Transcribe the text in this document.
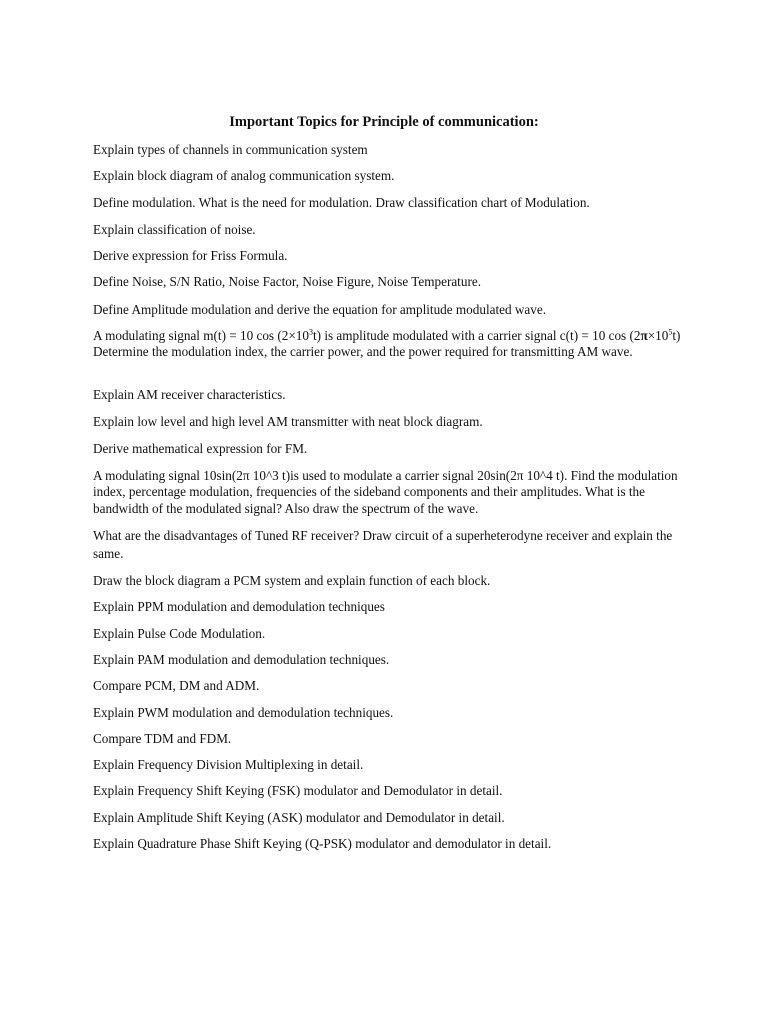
Important Topics for Principle of communication:

Explain types of channels in communication system

Explain block diagram of analog communication system.

Define modulation. What is the need for modulation. Draw classification chart of Modulation.

Explain classification of noise.

Derive expression for Friss Formula.

Define Noise, S/N Ratio, Noise Factor, Noise Figure, Noise Temperature.

Define Amplitude modulation and derive the equation for amplitude modulated wave.

A modulating signal m(t) = 10 $\cos (2\times 10^3t)$ is amplitude modulated with a carrier signal c(t) = 10 $\cos (2\pi\times 10^5t)$ Determine the modulation index, the carrier power, and the power required for transmitting AM wave.

Explain AM receiver characteristics.

Explain low level and high level AM transmitter with neat block diagram.

Derive mathematical expression for FM.

A modulating signal 10sin(2π 10^3 t)is used to modulate a carrier signal 20sin(2π 10^4 t). Find the modulation index, percentage modulation, frequencies of the sideband components and their amplitudes. What is the bandwidth of the modulated signal? Also draw the spectrum of the wave.

What are the disadvantages of Tuned RF receiver? Draw circuit of a superheterodyne receiver and explain the same.

Draw the block diagram a PCM system and explain function of each block.

Explain PPM modulation and demodulation techniques

Explain Pulse Code Modulation.

Explain PAM modulation and demodulation techniques.

Compare PCM, DM and ADM.

Explain PWM modulation and demodulation techniques.

Compare TDM and FDM.

Explain Frequency Division Multiplexing in detail.

Explain Frequency Shift Keying (FSK) modulator and Demodulator in detail.

Explain Amplitude Shift Keying (ASK) modulator and Demodulator in detail.

Explain Quadrature Phase Shift Keying (Q-PSK) modulator and demodulator in detail.
